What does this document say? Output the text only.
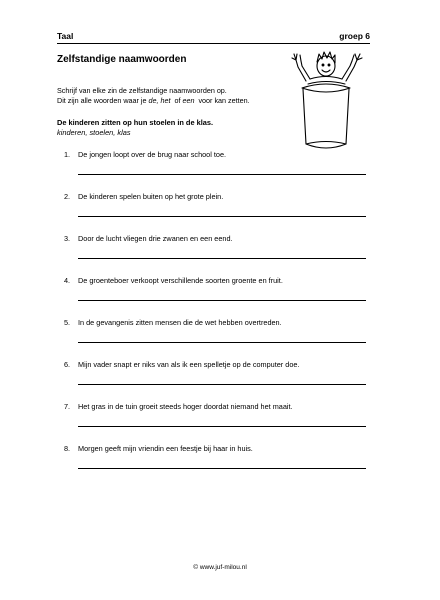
Taal	groep 6
Zelfstandige naamwoorden
Schrijf van elke zin de zelfstandige naamwoorden op.
Dit zijn alle woorden waar je de, het  of een  voor kan zetten.
De kinderen zitten op hun stoelen in de klas.
kinderen, stoelen, klas
1. De jongen loopt over de brug naar school toe.
2. De kinderen spelen buiten op het grote plein.
3. Door de lucht vliegen drie zwanen en een eend.
4. De groenteboer verkoopt verschillende soorten groente en fruit.
5. In de gevangenis zitten mensen die de wet hebben overtreden.
6. Mijn vader snapt er niks van als ik een spelletje op de computer doe.
7. Het gras in de tuin groeit steeds hoger doordat niemand het maait.
8. Morgen geeft mijn vriendin een feestje bij haar in huis.
© www.juf-milou.nl
